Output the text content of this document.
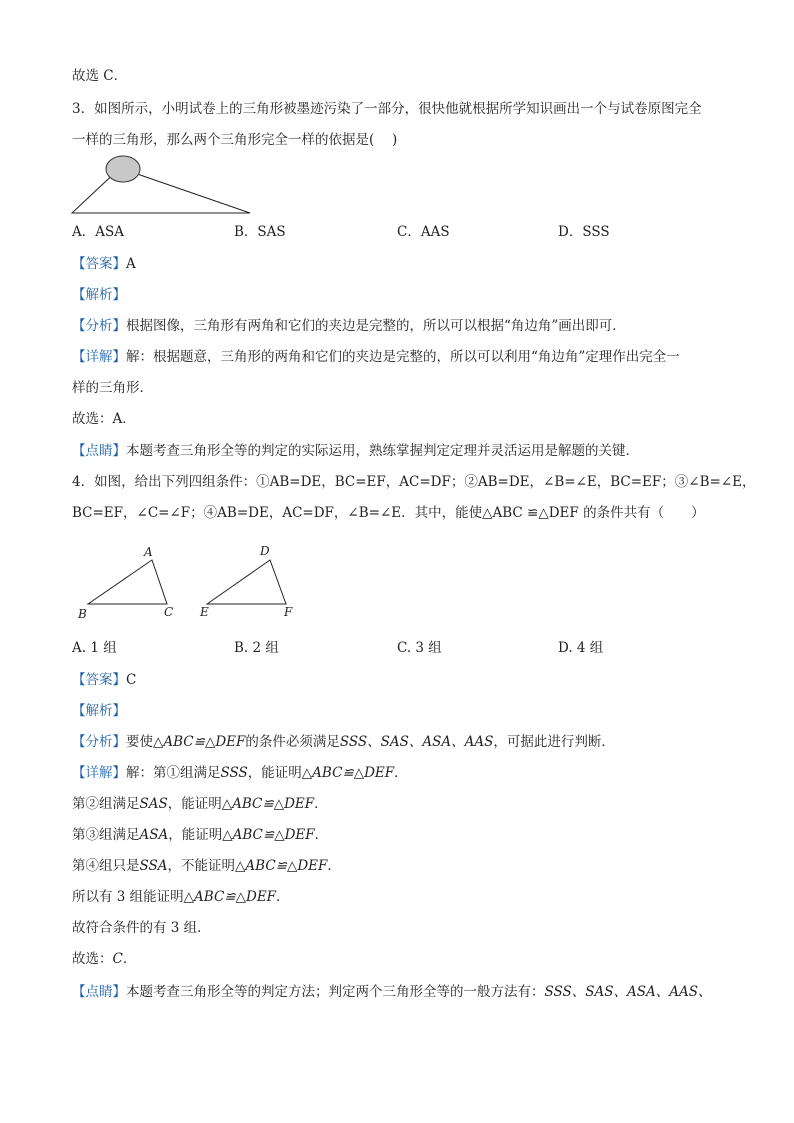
故选 C．
3．如图所示，小明试卷上的三角形被墨迹污染了一部分，很快他就根据所学知识画出一个与试卷原图完全
一样的三角形，那么两个三角形完全一样的依据是(　 )
A．ASA	B．SAS	C．AAS	D．SSS
【答案】A
【解析】
【分析】根据图像，三角形有两角和它们的夹边是完整的，所以可以根据“角边角”画出即可．
【详解】解：根据题意，三角形的两角和它们的夹边是完整的，所以可以利用“角边角”定理作出完全一
样的三角形．
故选：A．
【点睛】本题考查三角形全等的判定的实际运用，熟练掌握判定定理并灵活运用是解题的关键．
4．如图，给出下列四组条件：①AB=DE，BC=EF，AC=DF；②AB=DE，∠B=∠E，BC=EF；③∠B=∠E，
BC=EF，∠C=∠F；④AB=DE，AC=DF，∠B=∠E．其中，能使△ABC ≌△DEF 的条件共有（　　）
A
B	C
D
E	F
A. 1 组	B. 2 组	C. 3 组	D. 4 组
【答案】C
【解析】
【分析】要使△ABC≌△DEF的条件必须满足SSS、SAS、ASA、AAS，可据此进行判断．
【详解】解：第①组满足SSS，能证明△ABC≌△DEF．
第②组满足SAS，能证明△ABC≌△DEF．
第③组满足ASA，能证明△ABC≌△DEF．
第④组只是SSA，不能证明△ABC≌△DEF．
所以有 3 组能证明△ABC≌△DEF．
故符合条件的有 3 组．
故选：C．
【点睛】本题考查三角形全等的判定方法；判定两个三角形全等的一般方法有：SSS、SAS、ASA、AAS、
